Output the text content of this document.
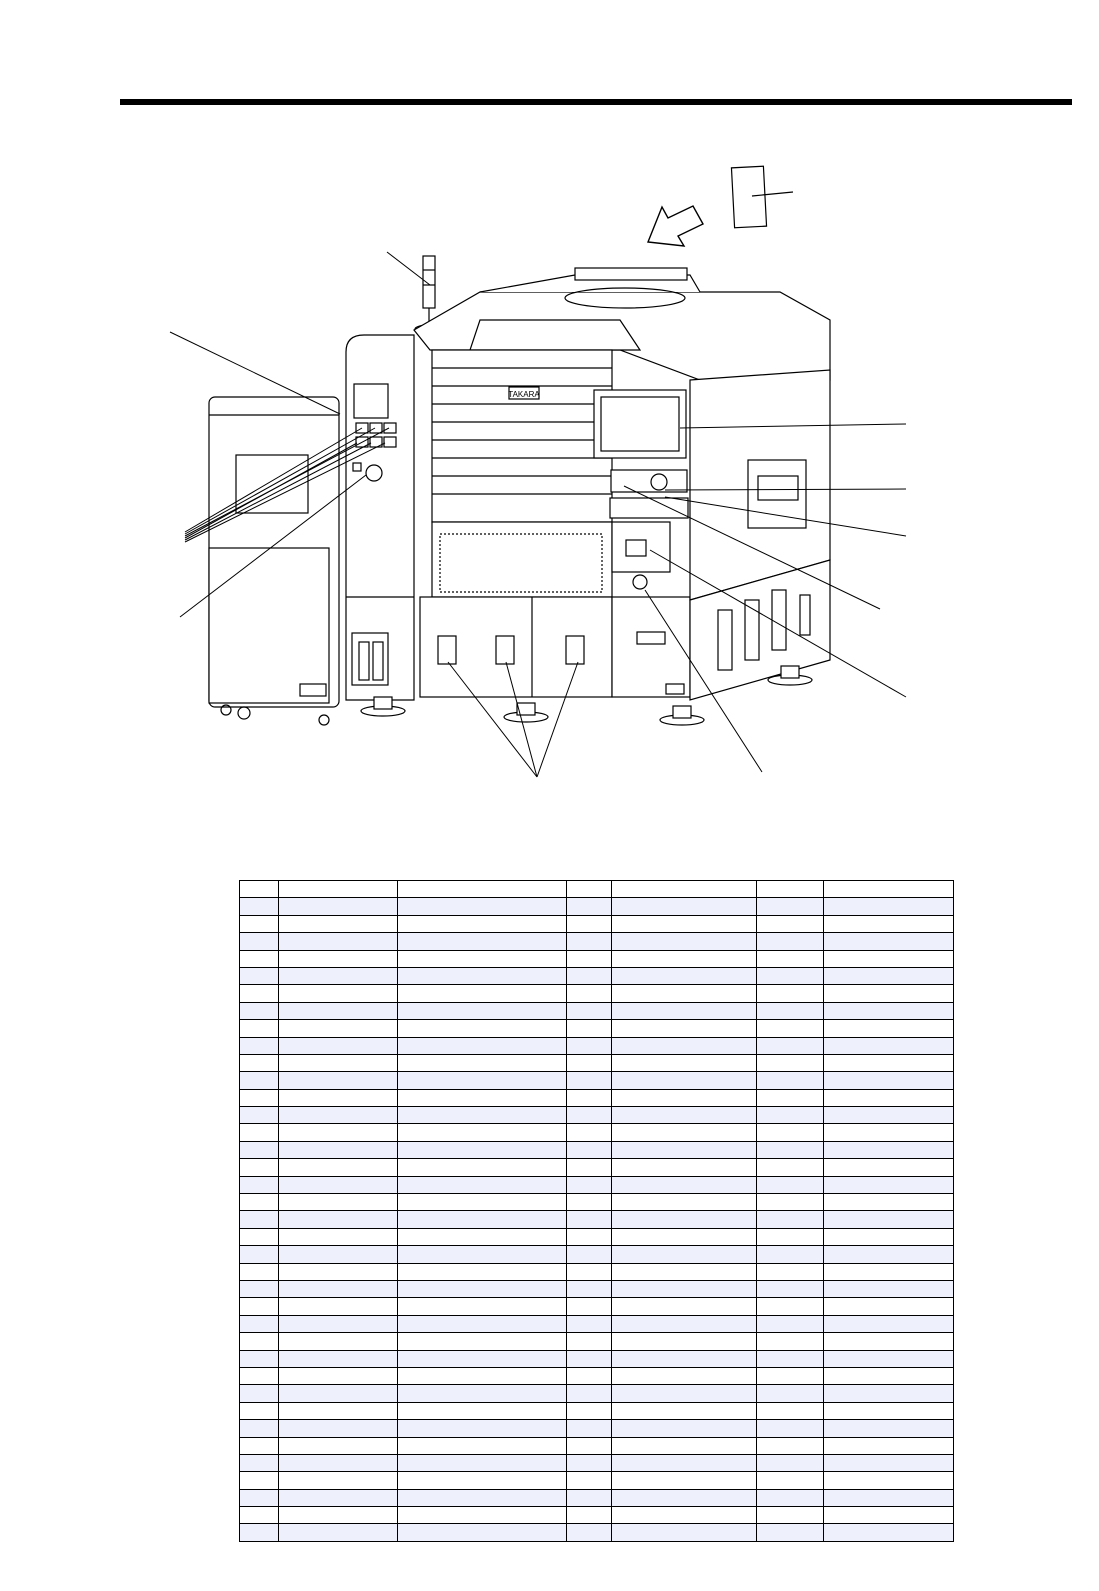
TAKARA
